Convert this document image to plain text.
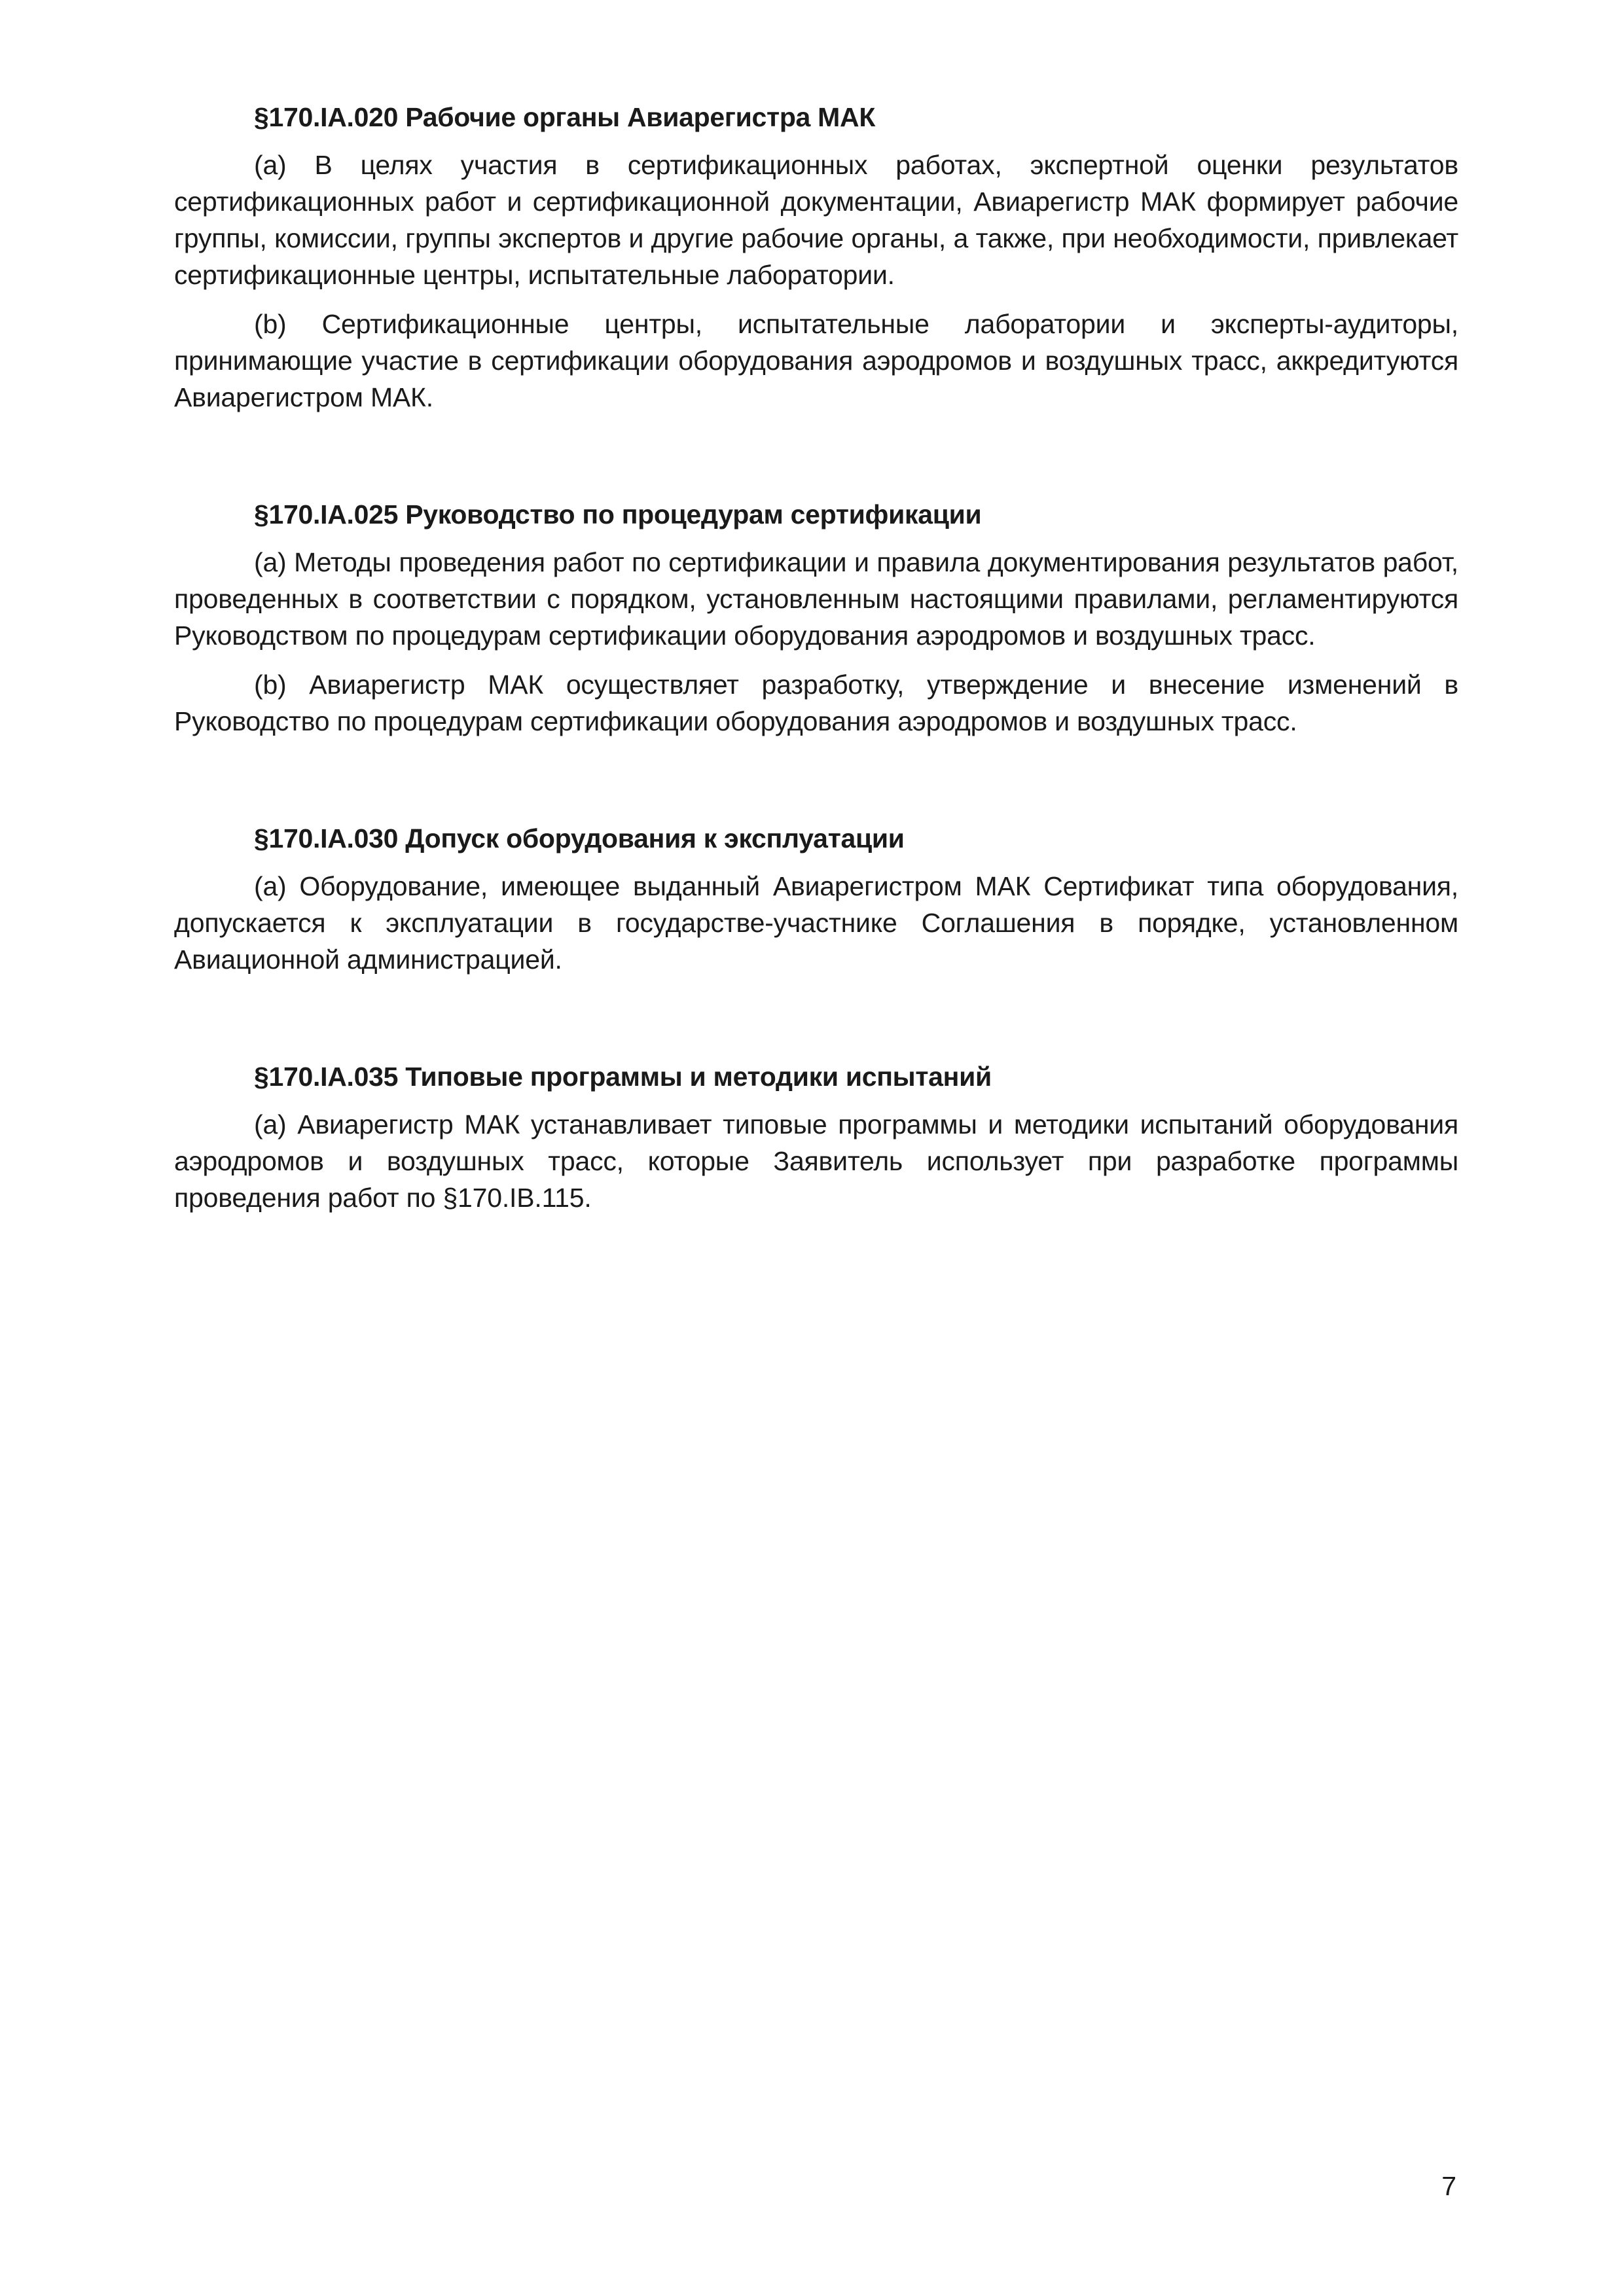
§170.IA.020 Рабочие органы Авиарегистра МАК

(a) В целях участия в сертификационных работах, экспертной оценки результатов сертификационных работ и сертификационной документации, Авиарегистр МАК формирует рабочие группы, комиссии, группы экспертов и другие рабочие органы, а также, при необходимости, привлекает сертификационные центры, испытательные лаборатории.

(b) Сертификационные центры, испытательные лаборатории и эксперты-аудиторы, принимающие участие в сертификации оборудования аэродромов и воздушных трасс, аккредитуются Авиарегистром МАК.

§170.IA.025 Руководство по процедурам сертификации

(a) Методы проведения работ по сертификации и правила документирования результатов работ, проведенных в соответствии с порядком, установленным настоящими правилами, регламентируются Руководством по процедурам сертификации оборудования аэродромов и воздушных трасс.

(b) Авиарегистр МАК осуществляет разработку, утверждение и внесение изменений в Руководство по процедурам сертификации оборудования аэродромов и воздушных трасс.

§170.IA.030 Допуск оборудования к эксплуатации

(a) Оборудование, имеющее выданный Авиарегистром МАК Сертификат типа оборудования, допускается к эксплуатации в государстве-участнике Соглашения в порядке, установленном Авиационной администрацией.

§170.IA.035 Типовые программы и методики испытаний

(a) Авиарегистр МАК устанавливает типовые программы и методики испытаний оборудования аэродромов и воздушных трасс, которые Заявитель использует при разработке программы проведения работ по §170.IB.115.

7
